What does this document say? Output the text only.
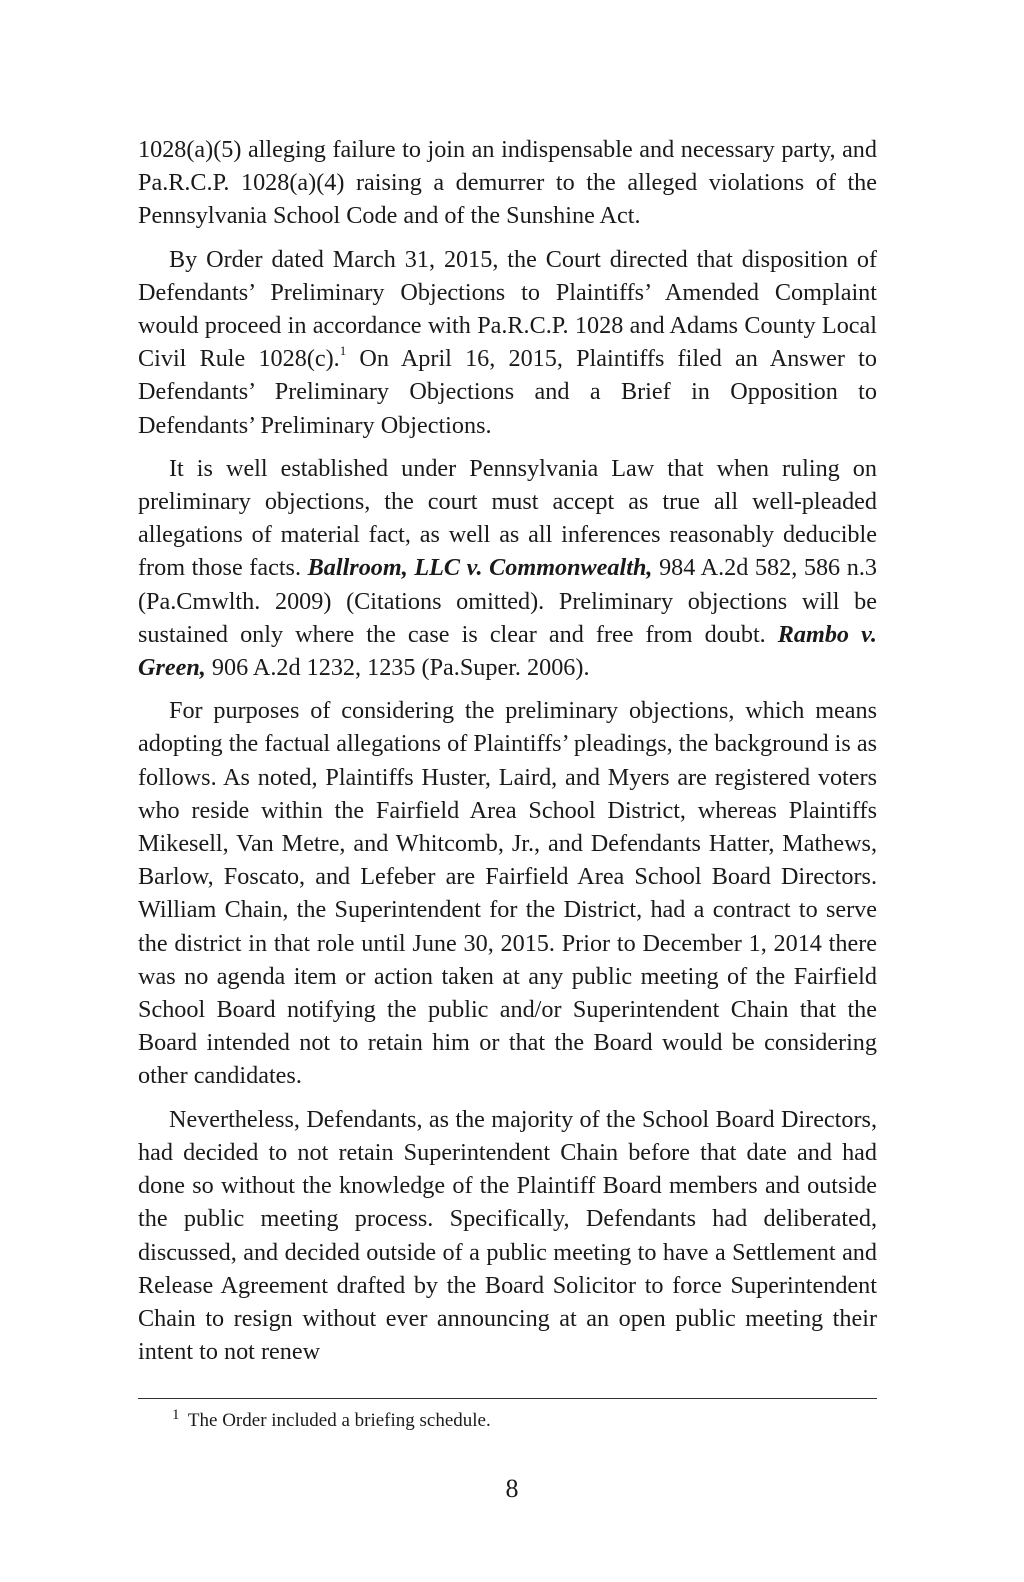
1028(a)(5) alleging failure to join an indispensable and necessary party, and Pa.R.C.P. 1028(a)(4) raising a demurrer to the alleged violations of the Pennsylvania School Code and of the Sunshine Act.

By Order dated March 31, 2015, the Court directed that disposition of Defendants’ Preliminary Objections to Plaintiffs’ Amended Complaint would proceed in accordance with Pa.R.C.P. 1028 and Adams County Local Civil Rule 1028(c).$^1$ On April 16, 2015, Plaintiffs filed an Answer to Defendants’ Preliminary Objections and a Brief in Opposition to Defendants’ Preliminary Objections.

It is well established under Pennsylvania Law that when ruling on preliminary objections, the court must accept as true all well-pleaded allegations of material fact, as well as all inferences reasonably deducible from those facts. Ballroom, LLC v. Commonwealth, 984 A.2d 582, 586 n.3 (Pa.Cmwlth. 2009) (Citations omitted). Preliminary objections will be sustained only where the case is clear and free from doubt. Rambo v. Green, 906 A.2d 1232, 1235 (Pa.Super. 2006).

For purposes of considering the preliminary objections, which means adopting the factual allegations of Plaintiffs’ pleadings, the background is as follows. As noted, Plaintiffs Huster, Laird, and Myers are registered voters who reside within the Fairfield Area School District, whereas Plaintiffs Mikesell, Van Metre, and Whitcomb, Jr., and Defendants Hatter, Mathews, Barlow, Foscato, and Lefeber are Fairfield Area School Board Directors. William Chain, the Superintendent for the District, had a contract to serve the district in that role until June 30, 2015. Prior to December 1, 2014 there was no agenda item or action taken at any public meeting of the Fairfield School Board notifying the public and/or Superintendent Chain that the Board intended not to retain him or that the Board would be considering other candidates.

Nevertheless, Defendants, as the majority of the School Board Directors, had decided to not retain Superintendent Chain before that date and had done so without the knowledge of the Plaintiff Board members and outside the public meeting process. Specifically, Defendants had deliberated, discussed, and decided outside of a public meeting to have a Settlement and Release Agreement drafted by the Board Solicitor to force Superintendent Chain to resign without ever announcing at an open public meeting their intent to not renew

$^1$ The Order included a briefing schedule.
8
